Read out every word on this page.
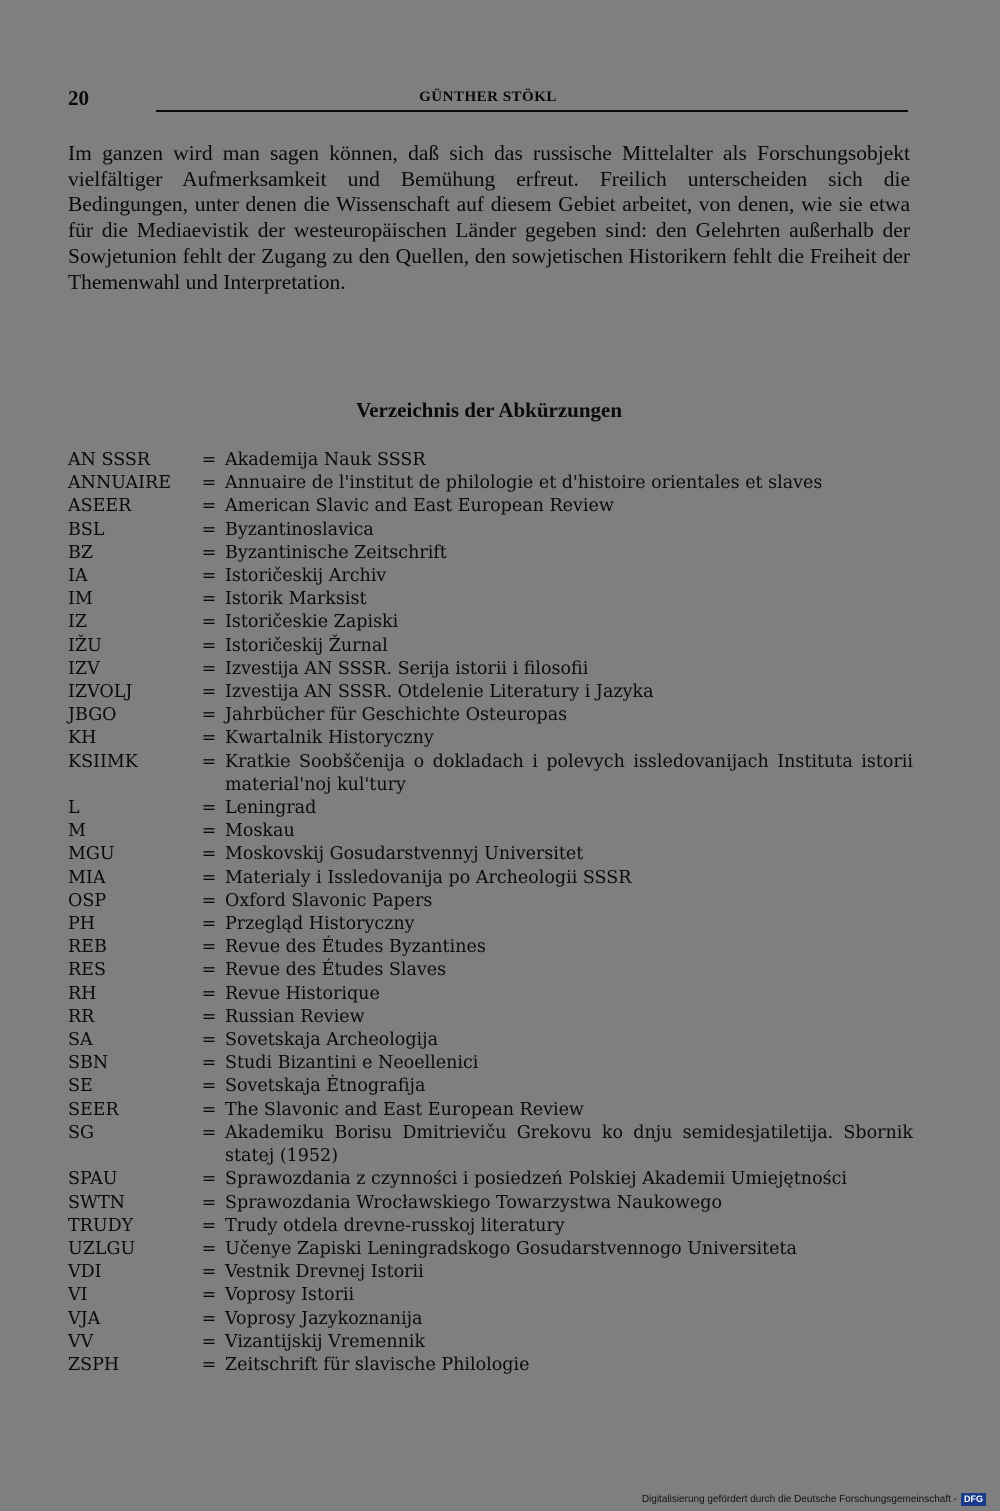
20	GÜNTHER STÖKL
Im ganzen wird man sagen können, daß sich das russische Mittelalter als Forschungsobjekt vielfältiger Aufmerksamkeit und Bemühung erfreut. Freilich unterscheiden sich die Bedingungen, unter denen die Wissenschaft auf diesem Gebiet arbeitet, von denen, wie sie etwa für die Mediaevistik der westeuropäischen Länder gegeben sind: den Gelehrten außerhalb der Sowjetunion fehlt der Zugang zu den Quellen, den sowjetischen Historikern fehlt die Freiheit der Themenwahl und Interpretation.
Verzeichnis der Abkürzungen
AN SSSR	= Akademija Nauk SSSR
ANNUAIRE	= Annuaire de l'institut de philologie et d'histoire orientales et slaves
ASEER	= American Slavic and East European Review
BSL	= Byzantinoslavica
BZ	= Byzantinische Zeitschrift
IA	= Istoričeskij Archiv
IM	= Istorik Marksist
IZ	= Istoričeskie Zapiski
IŽU	= Istoričeskij Žurnal
IZV	= Izvestija AN SSSR. Serija istorii i filosofii
IZVOLJ	= Izvestija AN SSSR. Otdelenie Literatury i Jazyka
JBGO	= Jahrbücher für Geschichte Osteuropas
KH	= Kwartalnik Historyczny
KSIIMK	= Kratkie Soobščenija o dokladach i polevych issledovanijach Instituta istorii material'noj kul'tury
L	= Leningrad
M	= Moskau
MGU	= Moskovskij Gosudarstvennyj Universitet
MIA	= Materialy i Issledovanija po Archeologii SSSR
OSP	= Oxford Slavonic Papers
PH	= Przegląd Historyczny
REB	= Revue des Études Byzantines
RES	= Revue des Études Slaves
RH	= Revue Historique
RR	= Russian Review
SA	= Sovetskaja Archeologija
SBN	= Studi Bizantini e Neoellenici
SE	= Sovetskaja Ėtnografija
SEER	= The Slavonic and East European Review
SG	= Akademiku Borisu Dmitrieviču Grekovu ko dnju semidesjatiletija. Sbornik statej (1952)
SPAU	= Sprawozdania z czynności i posiedzeń Polskiej Akademii Umiejętności
SWTN	= Sprawozdania Wrocławskiego Towarzystwa Naukowego
TRUDY	= Trudy otdela drevne-russkoj literatury
UZLGU	= Učenye Zapiski Leningradskogo Gosudarstvennogo Universiteta
VDI	= Vestnik Drevnej Istorii
VI	= Voprosy Istorii
VJA	= Voprosy Jazykoznanija
VV	= Vizantijskij Vremennik
ZSPH	= Zeitschrift für slavische Philologie
Digitalisierung gefördert durch die Deutsche Forschungsgemeinschaft - DFG
